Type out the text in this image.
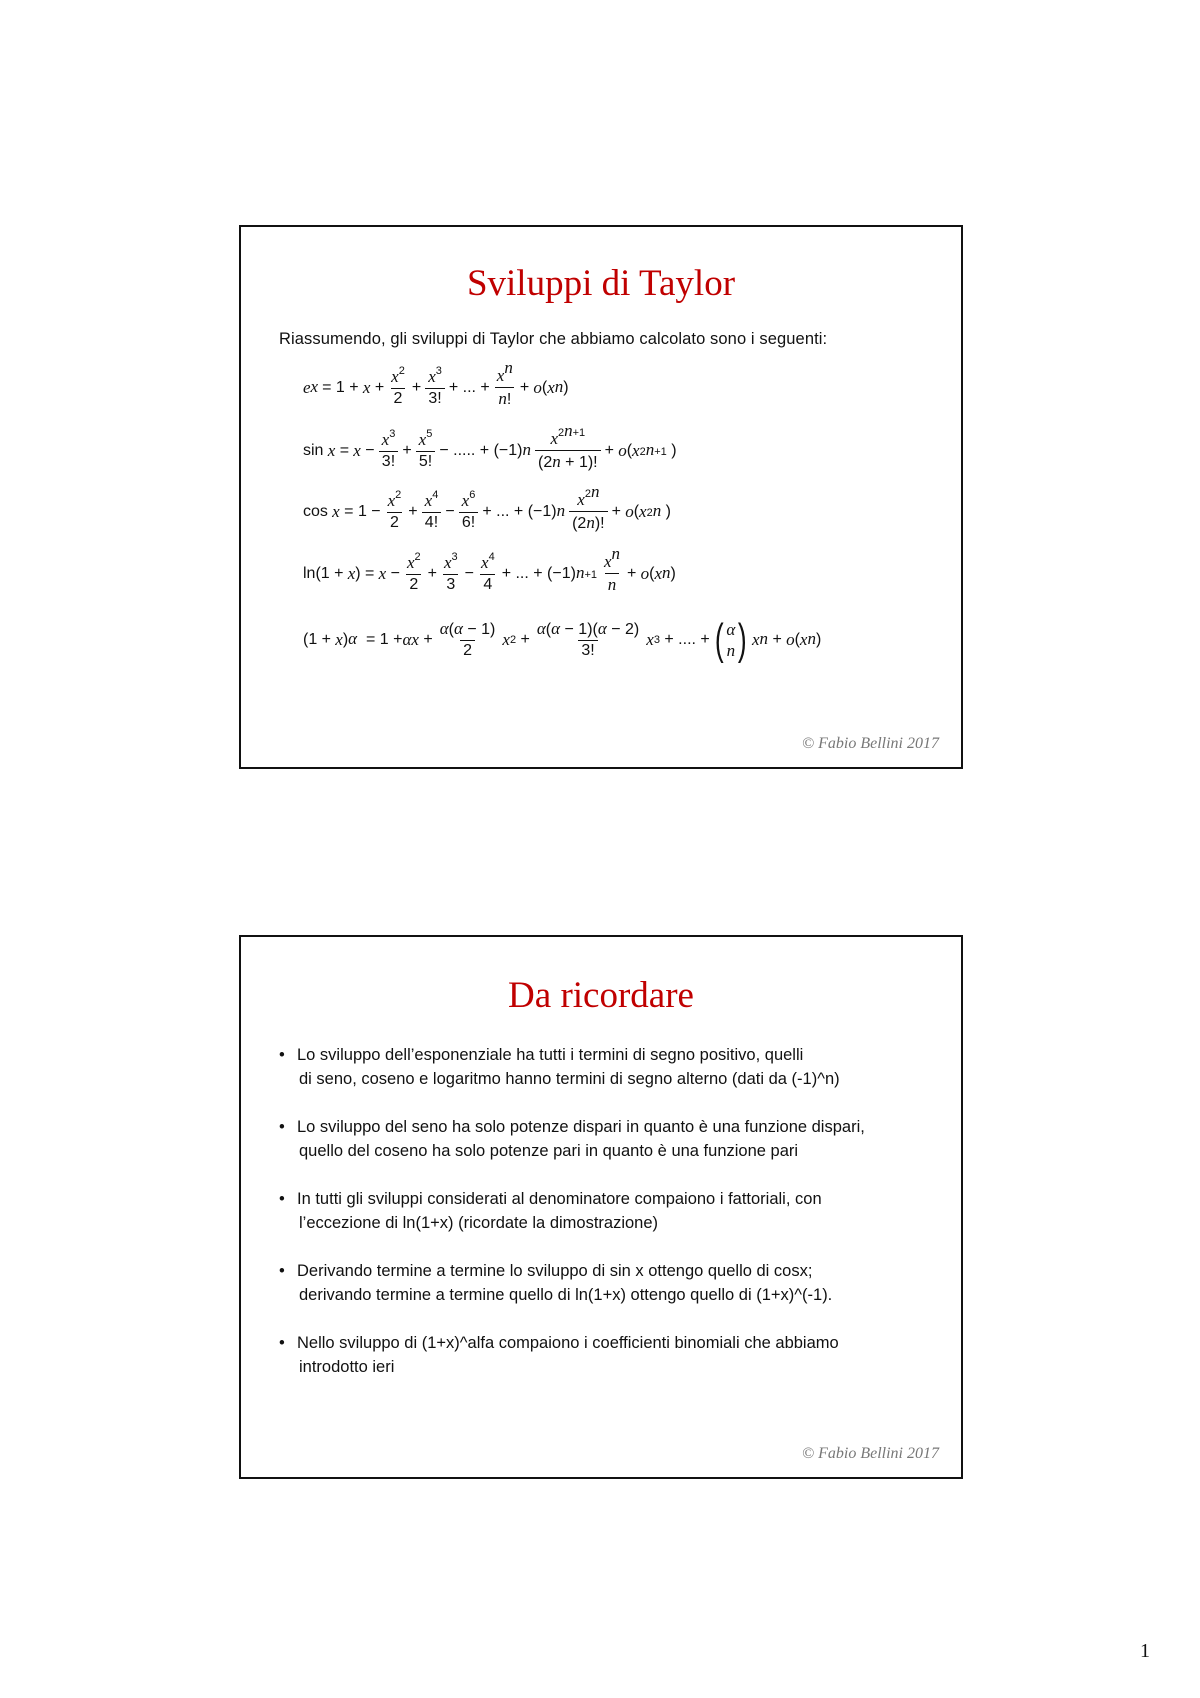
Sviluppi di Taylor
Riassumendo, gli sviluppi di Taylor che abbiamo calcolato sono i seguenti:
e $x = 1 + x + \frac{x^2}{2} + \frac{x^3}{3!}$ + ... + $\frac{x^n}{n!} + o$ ( x n )
$\sin x = x - \frac{x^3}{3!} + \frac{x^5}{5!}$ − ..... + (−1) n $\frac{x^{2n+1}}{(2n + 1)!} + o$ ( x 2n+1 )
$\cos x = 1 - \frac{x^2}{2} + \frac{x^4}{4!} - \frac{x^6}{6!}$ + ... + (−1) n $\frac{x^{2n}}{(2n)!} + o$ ( x 2n )
ln(1 + x ) = $x - \frac{x^2}{2} + \frac{x^3}{3} - \frac{x^4}{4}$ + ... + (−1) $n+1 \frac{x^n}{n} + o$ ( x n )
(1 + x ) $\alpha = 1 + \alpha x + \frac{\alpha(\alpha - 1)}{2}$ x $2 + \frac{\alpha(\alpha - 1)(\alpha - 2)}{3!}$ x 3 + .... + ( α
n ) x n + o ( x n )
© Fabio Bellini 2017
Da ricordare
• Lo sviluppo dell’esponenziale ha tutti i termini di segno positivo, quelli
di seno, coseno e logaritmo hanno termini di segno alterno (dati da (-1)^n)
• Lo sviluppo del seno ha solo potenze dispari in quanto è una funzione dispari,
quello del coseno ha solo potenze pari in quanto è una funzione pari
• In tutti gli sviluppi considerati al denominatore compaiono i fattoriali, con
l’eccezione di ln(1+x) (ricordate la dimostrazione)
• Derivando termine a termine lo sviluppo di sin x ottengo quello di cosx;
derivando termine a termine quello di ln(1+x) ottengo quello di (1+x)^(-1).
• Nello sviluppo di (1+x)^alfa compaiono i coefficienti binomiali che abbiamo
introdotto ieri
© Fabio Bellini 2017
1
